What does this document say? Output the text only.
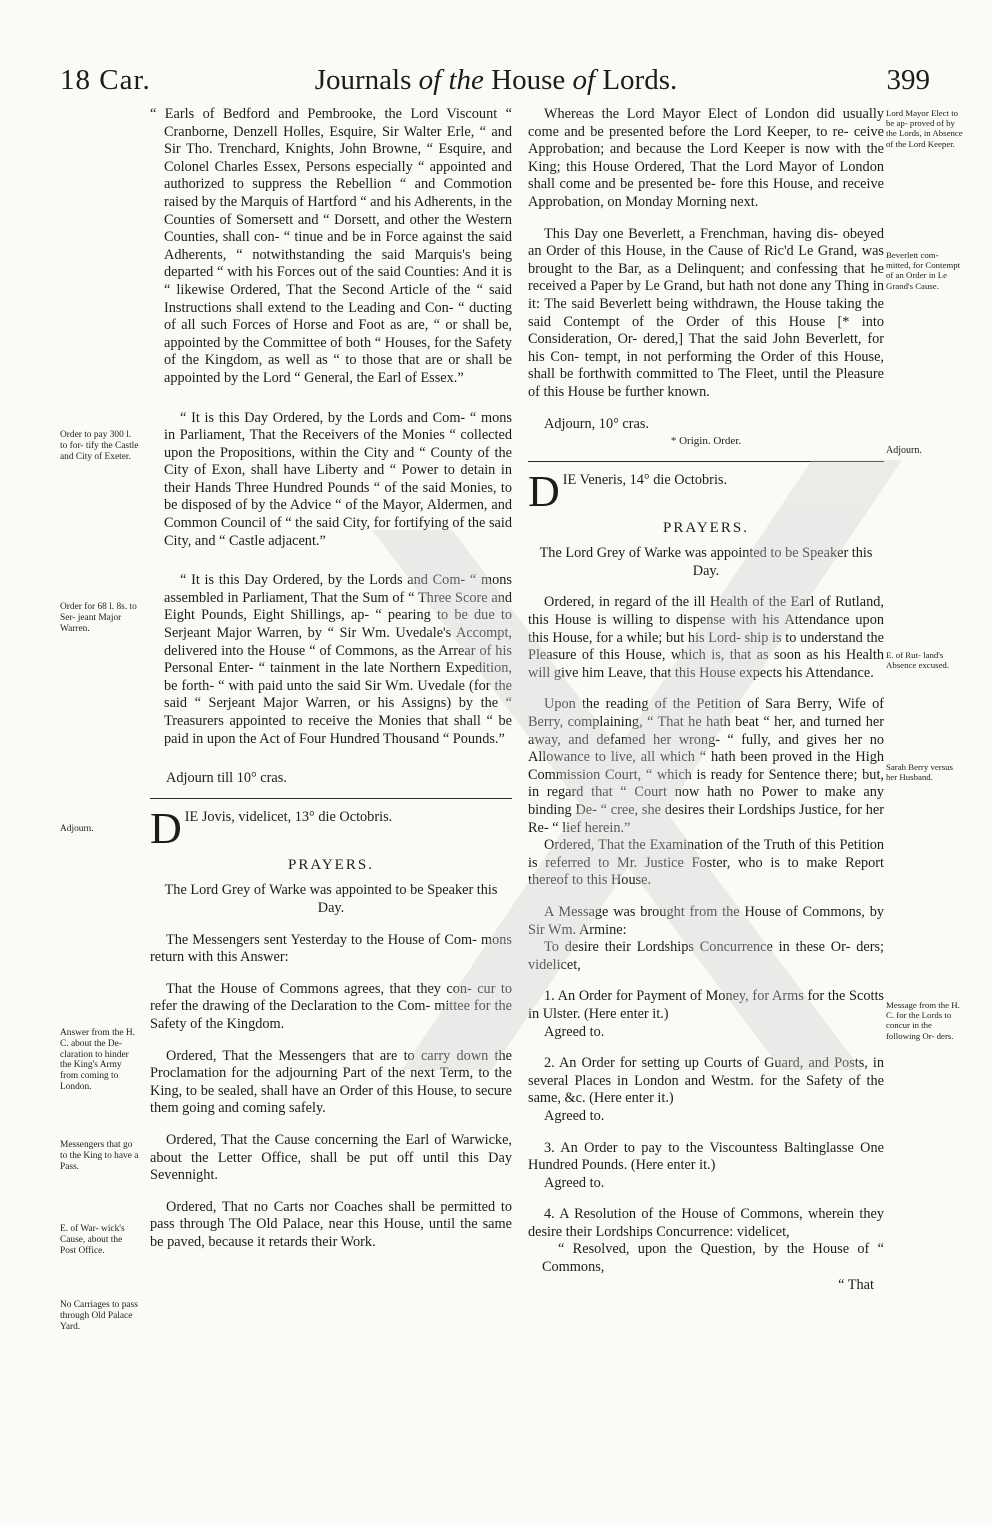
18 Car.	Journals of the House of Lords.	399

“ Earls of Bedford and Pembrooke, the Lord Viscount “ Cranborne, Denzell Holles, Esquire, Sir Walter Erle, “ and Sir Tho. Trenchard, Knights, John Browne, “ Esquire, and Colonel Charles Essex, Persons especially “ appointed and authorized to suppress the Rebellion “ and Commotion raised by the Marquis of Hartford “ and his Adherents, in the Counties of Somersett and “ Dorsett, and other the Western Counties, shall con- “ tinue and be in Force against the said Adherents, “ notwithstanding the said Marquis's being departed “ with his Forces out of the said Counties: And it is “ likewise Ordered, That the Second Article of the “ said Instructions shall extend to the Leading and Con- “ ducting of all such Forces of Horse and Foot as are, “ or shall be, appointed by the Committee of both “ Houses, for the Safety of the Kingdom, as well as “ to those that are or shall be appointed by the Lord “ General, the Earl of Essex.”

“ It is this Day Ordered, by the Lords and Com- “ mons in Parliament, That the Receivers of the Monies “ collected upon the Propositions, within the City and “ County of the City of Exon, shall have Liberty and “ Power to detain in their Hands Three Hundred Pounds “ of the said Monies, to be disposed of by the Advice “ of the Mayor, Aldermen, and Common Council of “ the said City, for fortifying of the said City, and “ Castle adjacent.”

“ It is this Day Ordered, by the Lords and Com- “ mons assembled in Parliament, That the Sum of “ Three Score and Eight Pounds, Eight Shillings, ap- “ pearing to be due to Serjeant Major Warren, by “ Sir Wm. Uvedale's Accompt, delivered into the House “ of Commons, as the Arrear of his Personal Enter- “ tainment in the late Northern Expedition, be forth- “ with paid unto the said Sir Wm. Uvedale (for the said “ Serjeant Major Warren, or his Assigns) by the “ Treasurers appointed to receive the Monies that shall “ be paid in upon the Act of Four Hundred Thousand “ Pounds.”

Adjourn till 10° cras.

DIE Jovis, videlicet, 13° die Octobris.

PRAYERS.

The Lord Grey of Warke was appointed to be Speaker this Day.

The Messengers sent Yesterday to the House of Com- mons return with this Answer:

That the House of Commons agrees, that they con- cur to refer the drawing of the Declaration to the Com- mittee for the Safety of the Kingdom.

Ordered, That the Messengers that are to carry down the Proclamation for the adjourning Part of the next Term, to the King, to be sealed, shall have an Order of this House, to secure them going and coming safely.

Ordered, That the Cause concerning the Earl of Warwicke, about the Letter Office, shall be put off until this Day Sevennight.

Ordered, That no Carts nor Coaches shall be permitted to pass through The Old Palace, near this House, until the same be paved, because it retards their Work.

Whereas the Lord Mayor Elect of London did usually come and be presented before the Lord Keeper, to re- ceive Approbation; and because the Lord Keeper is now with the King; this House Ordered, That the Lord Mayor of London shall come and be presented be- fore this House, and receive Approbation, on Monday Morning next.

This Day one Beverlett, a Frenchman, having dis- obeyed an Order of this House, in the Cause of Ric'd Le Grand, was brought to the Bar, as a Delinquent; and confessing that he received a Paper by Le Grand, but hath not done any Thing in it: The said Beverlett being withdrawn, the House taking the said Contempt of the Order of this House [* into Consideration, Or- dered,] That the said John Beverlett, for his Con- tempt, in not performing the Order of this House, shall be forthwith committed to The Fleet, until the Pleasure of this House be further known.

Adjourn, 10° cras.

* Origin. Order.

DIE Veneris, 14° die Octobris.

PRAYERS.

The Lord Grey of Warke was appointed to be Speaker this Day.

Ordered, in regard of the ill Health of the Earl of Rutland, this House is willing to dispense with his Attendance upon this House, for a while; but his Lord- ship is to understand the Pleasure of this House, which is, that as soon as his Health will give him Leave, that this House expects his Attendance.

Upon the reading of the Petition of Sara Berry, Wife of Berry, complaining, “ That he hath beat “ her, and turned her away, and defamed her wrong- “ fully, and gives her no Allowance to live, all which “ hath been proved in the High Commission Court, “ which is ready for Sentence there; but, in regard that “ Court now hath no Power to make any binding De- “ cree, she desires their Lordships Justice, for her Re- “ lief herein.”

Ordered, That the Examination of the Truth of this Petition is referred to Mr. Justice Foster, who is to make Report thereof to this House.

A Message was brought from the House of Commons, by Sir Wm. Armine:

To desire their Lordships Concurrence in these Or- ders; videlicet,

1. An Order for Payment of Money, for Arms for the Scotts in Ulster. (Here enter it.)

Agreed to.

2. An Order for setting up Courts of Guard, and Posts, in several Places in London and Westm. for the Safety of the same, &c. (Here enter it.)

Agreed to.

3. An Order to pay to the Viscountess Baltinglasse One Hundred Pounds. (Here enter it.)

Agreed to.

4. A Resolution of the House of Commons, wherein they desire their Lordships Concurrence: videlicet,

“ Resolved, upon the Question, by the House of “ Commons,

“ That

Order to pay 300 l. to for- tify the Castle and City of Exeter.
Order for 68 l. 8s. to Ser- jeant Major Warren.
Adjourn.
Answer from the H. C. about the De- claration to hinder the King's Army from coming to London.
Messengers that go to the King to have a Pass.
E. of War- wick's Cause, about the Post Office.
No Carriages to pass through Old Palace Yard.
Lord Mayor Elect to be ap- proved of by the Lords, in Absence of the Lord Keeper.
Beverlett com- mitted, for Contempt of an Order in Le Grand's Cause.
Adjourn.
E. of Rut- land's Absence excused.
Sarah Berry versus her Husband.
Message from the H. C. for the Lords to concur in the following Or- ders.
